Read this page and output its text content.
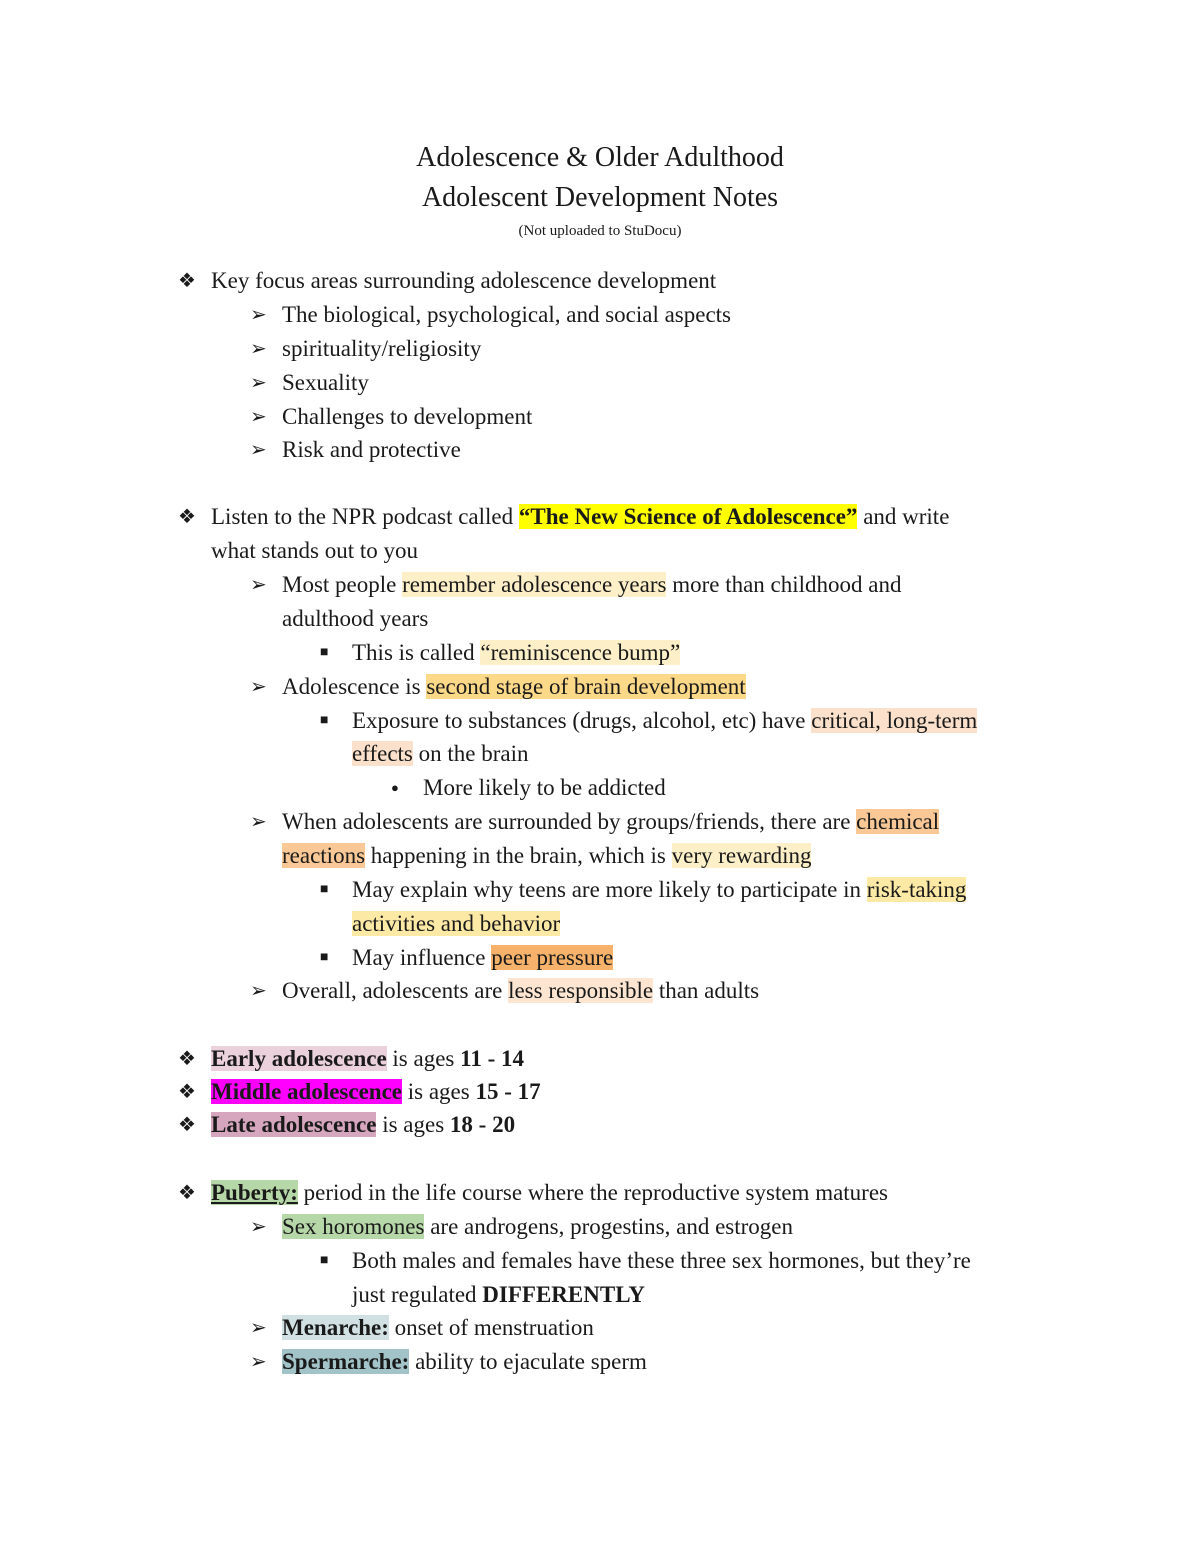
Adolescence & Older Adulthood
Adolescent Development Notes
(Not uploaded to StuDocu)
❖ Key focus areas surrounding adolescence development
➢ The biological, psychological, and social aspects
➢ spirituality/religiosity
➢ Sexuality
➢ Challenges to development
➢ Risk and protective
❖ Listen to the NPR podcast called “The New Science of Adolescence” and write
what stands out to you
➢ Most people remember adolescence years more than childhood and
adulthood years
■ This is called “reminiscence bump”
➢ Adolescence is second stage of brain development
■ Exposure to substances (drugs, alcohol, etc) have critical, long-term
effects on the brain
● More likely to be addicted
➢ When adolescents are surrounded by groups/friends, there are chemical
reactions happening in the brain, which is very rewarding
■ May explain why teens are more likely to participate in risk-taking
activities and behavior
■ May influence peer pressure
➢ Overall, adolescents are less responsible than adults
❖ Early adolescence is ages 11 - 14
❖ Middle adolescence is ages 15 - 17
❖ Late adolescence is ages 18 - 20
❖ Puberty: period in the life course where the reproductive system matures
➢ Sex horomones are androgens, progestins, and estrogen
■ Both males and females have these three sex hormones, but they’re
just regulated DIFFERENTLY
➢ Menarche: onset of menstruation
➢ Spermarche: ability to ejaculate sperm
